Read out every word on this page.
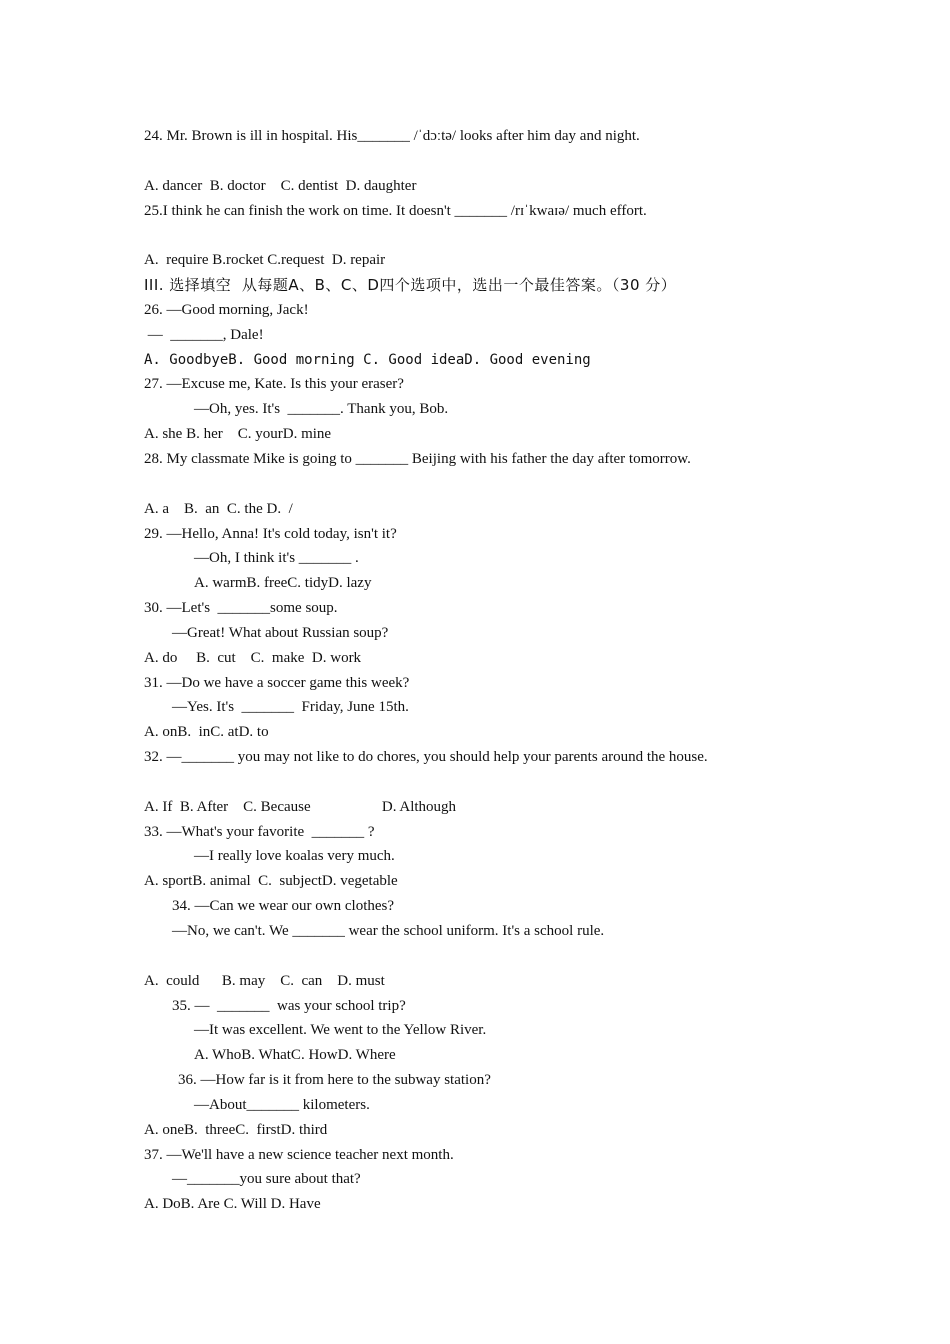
24. Mr. Brown is ill in hospital. His_______ /ˈdɔːtə/ looks after him day and night.
A. dancer  B. doctor    C. dentist  D. daughter
25.I think he can finish the work on time. It doesn't _______ /rɪˈkwaɪə/ much effort.
A.  require B.rocket C.request  D. repair
III. 选择填空  从每题A、B、C、D四个选项中，选出一个最佳答案。（30 分）
26. —Good morning, Jack!
—  _______, Dale!
A. GoodbyeB. Good morning C. Good ideaD. Good evening
27. —Excuse me, Kate. Is this your eraser?
—Oh, yes. It's  _______. Thank you, Bob.
A. she B. her    C. yourD. mine
28. My classmate Mike is going to _______ Beijing with his father the day after tomorrow.
A. a    B.  an  C. the D.  /
29. —Hello, Anna! It's cold today, isn't it?
—Oh, I think it's _______ .
A. warmB. freeC. tidyD. lazy
30. —Let's  _______some soup.
—Great! What about Russian soup?
A. do     B.  cut    C.  make  D. work
31. —Do we have a soccer game this week?
—Yes. It's  _______  Friday, June 15th.
A. onB.  inC. atD. to
32. —_______ you may not like to do chores, you should help your parents around the house.
A. If  B. After    C. Because                   D. Although
33. —What's your favorite  _______ ?
—I really love koalas very much.
A. sportB. animal  C.  subjectD. vegetable
34. —Can we wear our own clothes?
—No, we can't. We _______ wear the school uniform. It's a school rule.
A.  could      B. may    C.  can    D. must
35. —  _______  was your school trip?
—It was excellent. We went to the Yellow River.
A. WhoB. WhatC. HowD. Where
36. —How far is it from here to the subway station?
—About_______ kilometers.
A. oneB.  threeC.  firstD. third
37. —We'll have a new science teacher next month.
—_______you sure about that?
A. DoB. Are C. Will D. Have
